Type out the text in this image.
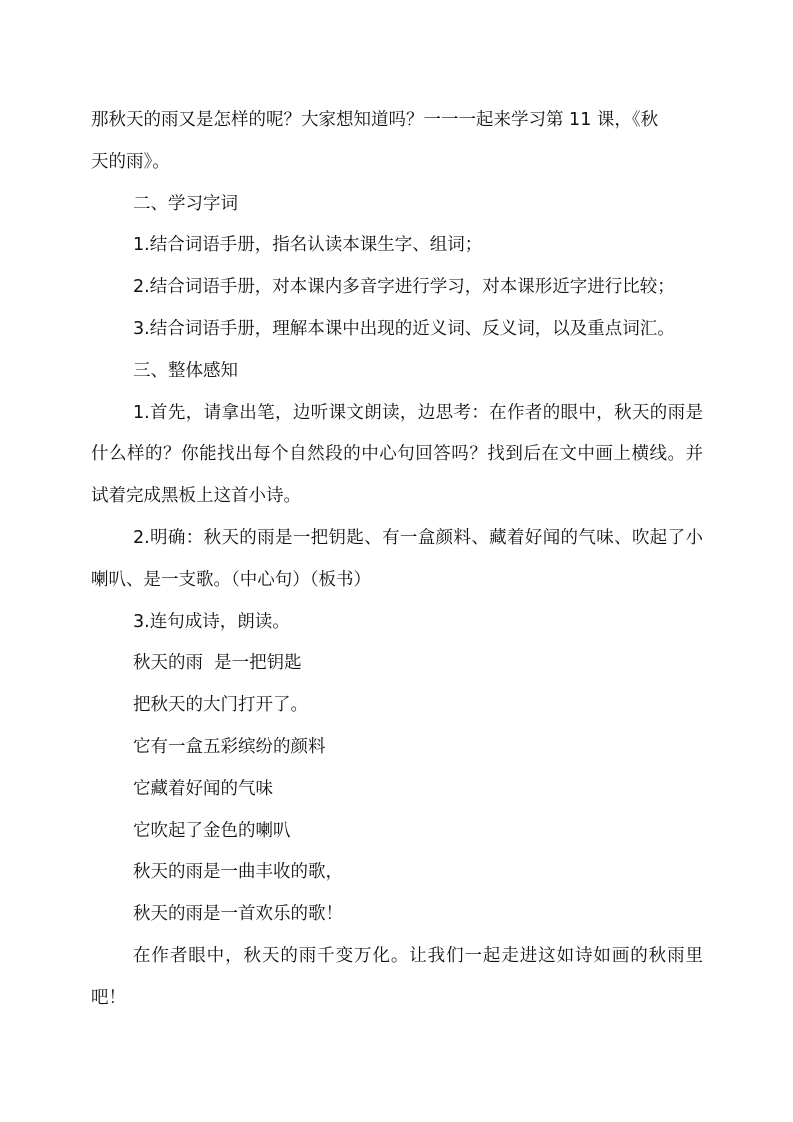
那秋天的雨又是怎样的呢？大家想知道吗？一一一起来学习第 11 课，《秋

天的雨》。

二、学习字词

1.结合词语手册，指名认读本课生字、组词；

2.结合词语手册，对本课内多音字进行学习，对本课形近字进行比较；

3.结合词语手册，理解本课中出现的近义词、反义词，以及重点词汇。

三、整体感知

1.首先，请拿出笔，边听课文朗读，边思考：在作者的眼中，秋天的雨是什么样的？你能找出每个自然段的中心句回答吗？找到后在文中画上横线。并试着完成黑板上这首小诗。

2.明确：秋天的雨是一把钥匙、有一盒颜料、藏着好闻的气味、吹起了小喇叭、是一支歌。（中心句）（板书）

3.连句成诗，朗读。

秋天的雨  是一把钥匙

把秋天的大门打开了。

它有一盒五彩缤纷的颜料

它藏着好闻的气味

它吹起了金色的喇叭

秋天的雨是一曲丰收的歌，

秋天的雨是一首欢乐的歌！

在作者眼中，秋天的雨千变万化。让我们一起走进这如诗如画的秋雨里吧！
